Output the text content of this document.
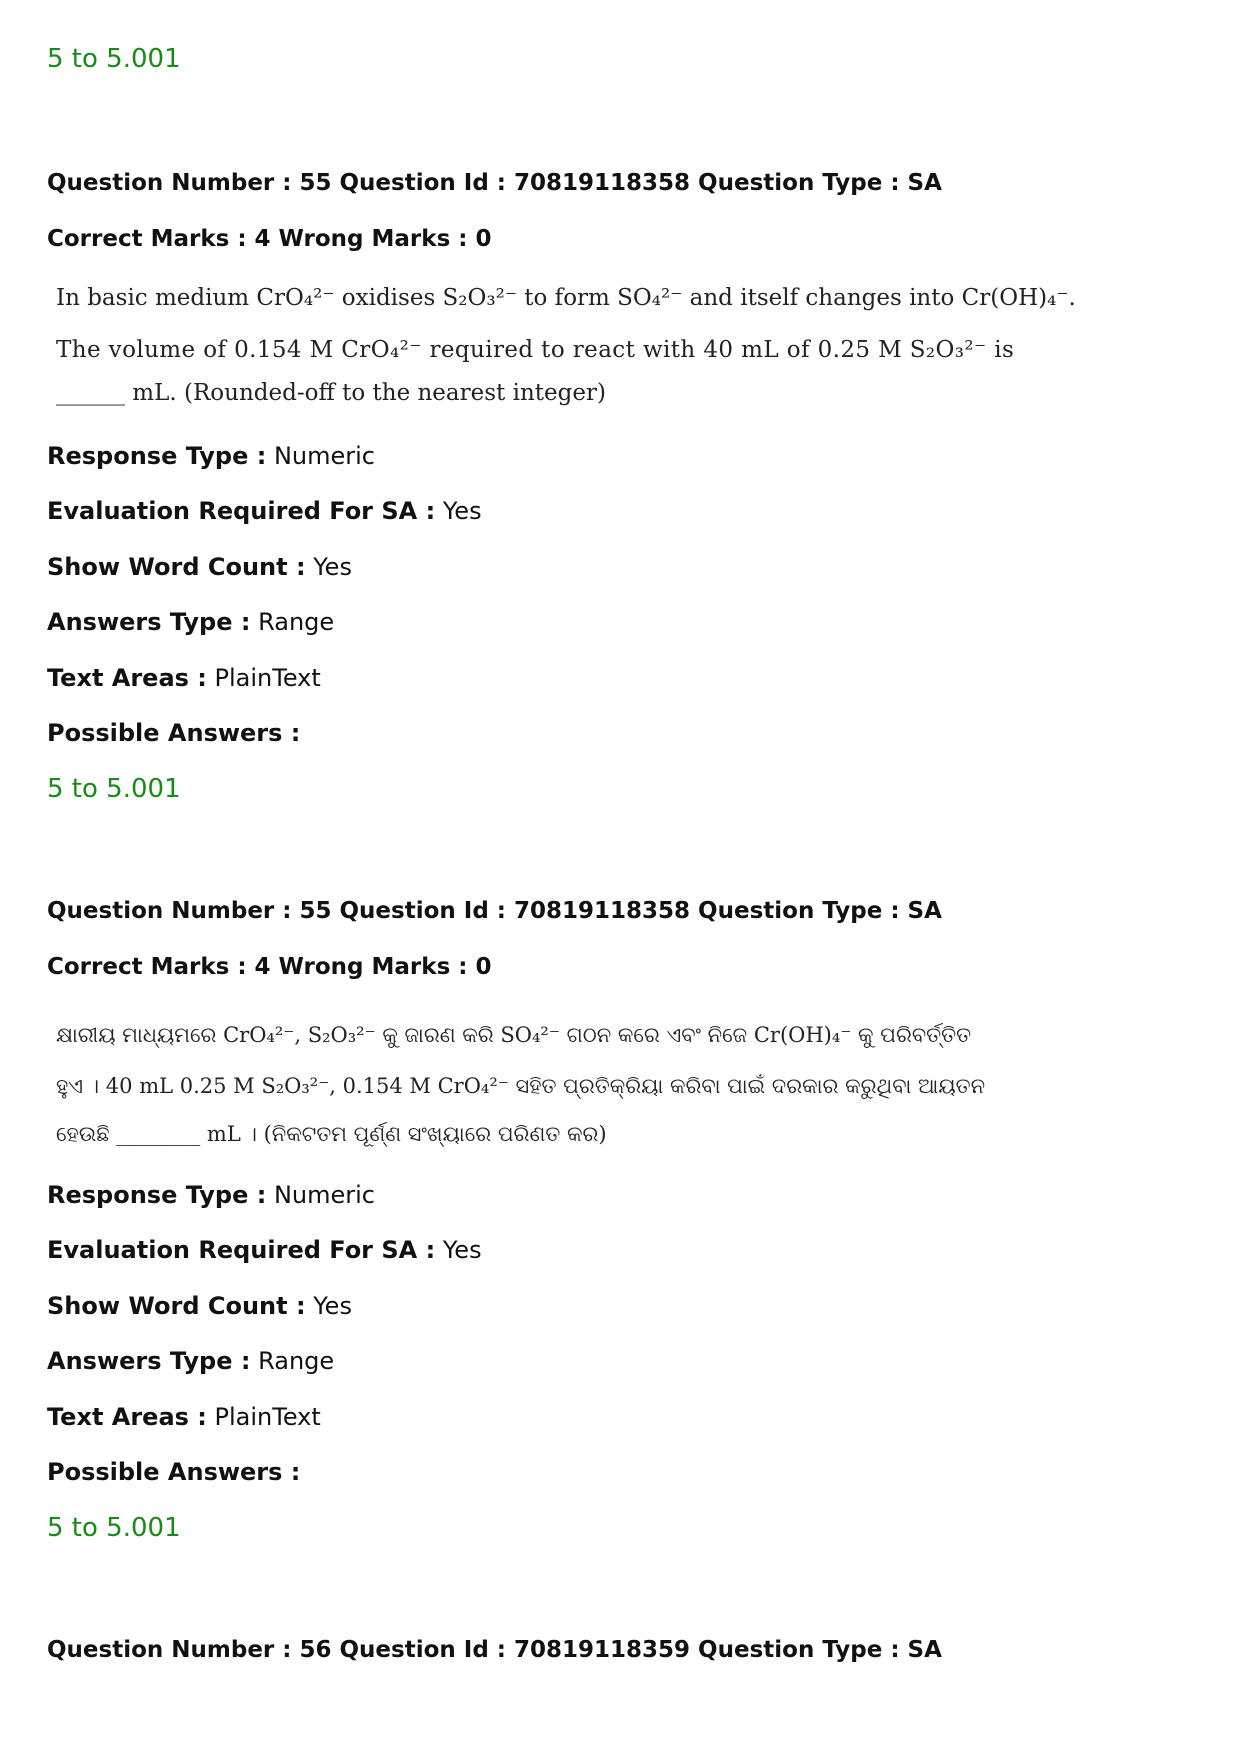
5 to 5.001
Question Number : 55 Question Id : 70819118358 Question Type : SA
Correct Marks : 4 Wrong Marks : 0
In basic medium CrO₄²⁻ oxidises S₂O₃²⁻ to form SO₄²⁻ and itself changes into Cr(OH)₄⁻.
The volume of 0.154 M CrO₄²⁻ required to react with 40 mL of 0.25 M S₂O₃²⁻ is
______ mL. (Rounded-off to the nearest integer)
Response Type : Numeric
Evaluation Required For SA : Yes
Show Word Count : Yes
Answers Type : Range
Text Areas : PlainText
Possible Answers :
5 to 5.001
Question Number : 55 Question Id : 70819118358 Question Type : SA
Correct Marks : 4 Wrong Marks : 0
କ୍ଷାରୀୟ ମାଧ୍ୟମରେ CrO₄²⁻, S₂O₃²⁻ କୁ ଜାରଣ କରି SO₄²⁻ ଗଠନ କରେ ଏବଂ ନିଜେ Cr(OH)₄⁻ କୁ ପରିବର୍ତ୍ତିତ
ହୁଏ । 40 mL 0.25 M S₂O₃²⁻, 0.154 M CrO₄²⁻ ସହିତ ପ୍ରତିକ୍ରିୟା କରିବା ପାଇଁ ଦରକାର କରୁଥିବା ଆୟତନ
ହେଉଛି ________ mL । (ନିକଟତମ ପୂର୍ଣ୍ଣ ସଂଖ୍ୟାରେ ପରିଣତ କର)
Response Type : Numeric
Evaluation Required For SA : Yes
Show Word Count : Yes
Answers Type : Range
Text Areas : PlainText
Possible Answers :
5 to 5.001
Question Number : 56 Question Id : 70819118359 Question Type : SA
